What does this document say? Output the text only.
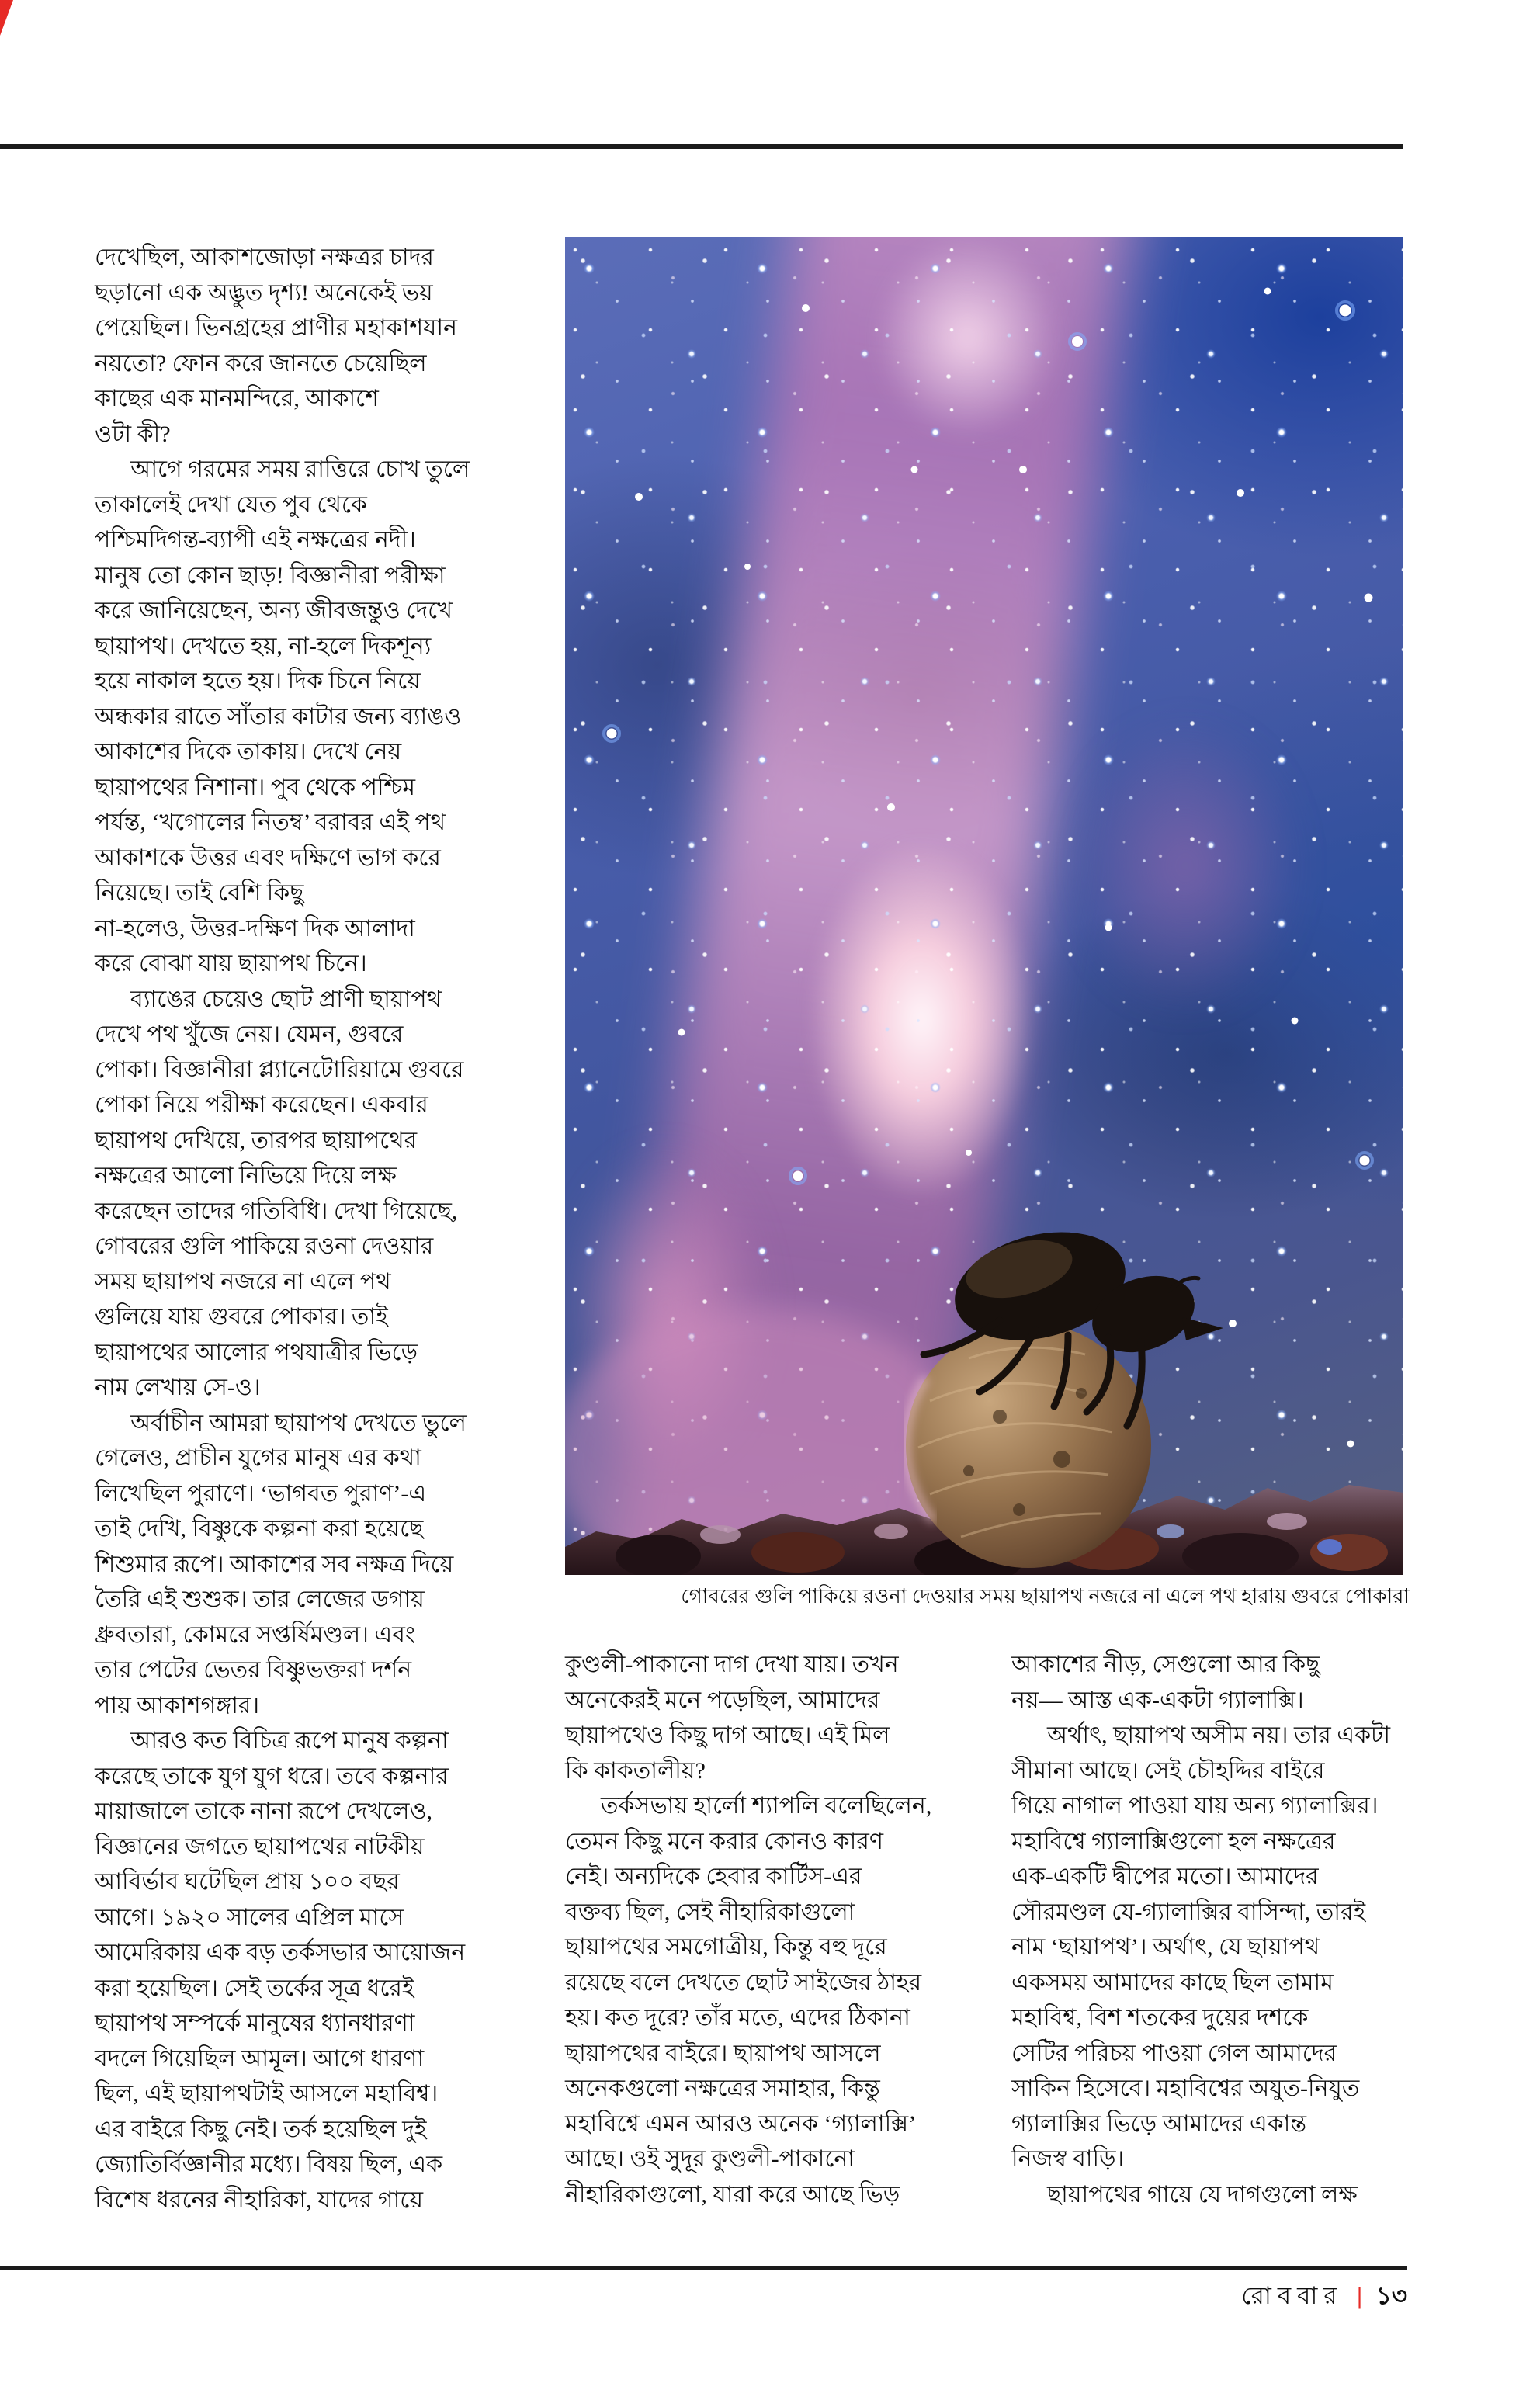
দেখেছিল, আকাশজোড়া নক্ষত্রর চাদর
ছড়ানো এক অদ্ভুত দৃশ্য! অনেকেই ভয়
পেয়েছিল। ভিনগ্রহের প্রাণীর মহাকাশযান
নয়তো? ফোন করে জানতে চেয়েছিল
কাছের এক মানমন্দিরে, আকাশে
ওটা কী?
আগে গরমের সময় রাত্তিরে চোখ তুলে
তাকালেই দেখা যেত পুব থেকে
পশ্চিমদিগন্ত-ব্যাপী এই নক্ষত্রের নদী।
মানুষ তো কোন ছাড়! বিজ্ঞানীরা পরীক্ষা
করে জানিয়েছেন, অন্য জীবজন্তুও দেখে
ছায়াপথ। দেখতে হয়, না-হলে দিকশূন্য
হয়ে নাকাল হতে হয়। দিক চিনে নিয়ে
অন্ধকার রাতে সাঁতার কাটার জন্য ব্যাঙও
আকাশের দিকে তাকায়। দেখে নেয়
ছায়াপথের নিশানা। পুব থেকে পশ্চিম
পর্যন্ত, ‘খগোলের নিতম্ব’ বরাবর এই পথ
আকাশকে উত্তর এবং দক্ষিণে ভাগ করে
নিয়েছে। তাই বেশি কিছু
না-হলেও, উত্তর-দক্ষিণ দিক আলাদা
করে বোঝা যায় ছায়াপথ চিনে।
ব্যাঙের চেয়েও ছোট প্রাণী ছায়াপথ
দেখে পথ খুঁজে নেয়। যেমন, গুবরে
পোকা। বিজ্ঞানীরা প্ল্যানেটোরিয়ামে গুবরে
পোকা নিয়ে পরীক্ষা করেছেন। একবার
ছায়াপথ দেখিয়ে, তারপর ছায়াপথের
নক্ষত্রের আলো নিভিয়ে দিয়ে লক্ষ
করেছেন তাদের গতিবিধি। দেখা গিয়েছে,
গোবরের গুলি পাকিয়ে রওনা দেওয়ার
সময় ছায়াপথ নজরে না এলে পথ
গুলিয়ে যায় গুবরে পোকার। তাই
ছায়াপথের আলোর পথযাত্রীর ভিড়ে
নাম লেখায় সে-ও।
অর্বাচীন আমরা ছায়াপথ দেখতে ভুলে
গেলেও, প্রাচীন যুগের মানুষ এর কথা
লিখেছিল পুরাণে। ‘ভাগবত পুরাণ’-এ
তাই দেখি, বিষ্ণুকে কল্পনা করা হয়েছে
শিশুমার রূপে। আকাশের সব নক্ষত্র দিয়ে
তৈরি এই শুশুক। তার লেজের ডগায়
ধ্রুবতারা, কোমরে সপ্তর্ষিমণ্ডল। এবং
তার পেটের ভেতর বিষ্ণুভক্তরা দর্শন
পায় আকাশগঙ্গার।
আরও কত বিচিত্র রূপে মানুষ কল্পনা
করেছে তাকে যুগ যুগ ধরে। তবে কল্পনার
মায়াজালে তাকে নানা রূপে দেখলেও,
বিজ্ঞানের জগতে ছায়াপথের নাটকীয়
আবির্ভাব ঘটেছিল প্রায় ১০০ বছর
আগে। ১৯২০ সালের এপ্রিল মাসে
আমেরিকায় এক বড় তর্কসভার আয়োজন
করা হয়েছিল। সেই তর্কের সূত্র ধরেই
ছায়াপথ সম্পর্কে মানুষের ধ্যানধারণা
বদলে গিয়েছিল আমূল। আগে ধারণা
ছিল, এই ছায়াপথটাই আসলে মহাবিশ্ব।
এর বাইরে কিছু নেই। তর্ক হয়েছিল দুই
জ্যোতির্বিজ্ঞানীর মধ্যে। বিষয় ছিল, এক
বিশেষ ধরনের নীহারিকা, যাদের গায়ে
কুণ্ডলী-পাকানো দাগ দেখা যায়। তখন
অনেকেরই মনে পড়েছিল, আমাদের
ছায়াপথেও কিছু দাগ আছে। এই মিল
কি কাকতালীয়?
তর্কসভায় হার্লো শ্যাপলি বলেছিলেন,
তেমন কিছু মনে করার কোনও কারণ
নেই। অন্যদিকে হেবার কার্টিস-এর
বক্তব্য ছিল, সেই নীহারিকাগুলো
ছায়াপথের সমগোত্রীয়, কিন্তু বহু দূরে
রয়েছে বলে দেখতে ছোট সাইজের ঠাহর
হয়। কত দূরে? তাঁর মতে, এদের ঠিকানা
ছায়াপথের বাইরে। ছায়াপথ আসলে
অনেকগুলো নক্ষত্রের সমাহার, কিন্তু
মহাবিশ্বে এমন আরও অনেক ‘গ্যালাক্সি’
আছে। ওই সুদূর কুণ্ডলী-পাকানো
নীহারিকাগুলো, যারা করে আছে ভিড়
আকাশের নীড়, সেগুলো আর কিছু
নয়— আস্ত এক-একটা গ্যালাক্সি।
অর্থাৎ, ছায়াপথ অসীম নয়। তার একটা
সীমানা আছে। সেই চৌহদ্দির বাইরে
গিয়ে নাগাল পাওয়া যায় অন্য গ্যালাক্সির।
মহাবিশ্বে গ্যালাক্সিগুলো হল নক্ষত্রের
এক-একটি দ্বীপের মতো। আমাদের
সৌরমণ্ডল যে-গ্যালাক্সির বাসিন্দা, তারই
নাম ‘ছায়াপথ’। অর্থাৎ, যে ছায়াপথ
একসময় আমাদের কাছে ছিল তামাম
মহাবিশ্ব, বিশ শতকের দুয়ের দশকে
সেটির পরিচয় পাওয়া গেল আমাদের
সাকিন হিসেবে। মহাবিশ্বের অযুত-নিযুত
গ্যালাক্সির ভিড়ে আমাদের একান্ত
নিজস্ব বাড়ি।
ছায়াপথের গায়ে যে দাগগুলো লক্ষ
গোবরের গুলি পাকিয়ে রওনা দেওয়ার সময় ছায়াপথ নজরে না এলে পথ হারায় গুবরে পোকারা
রোববার | ১৩
